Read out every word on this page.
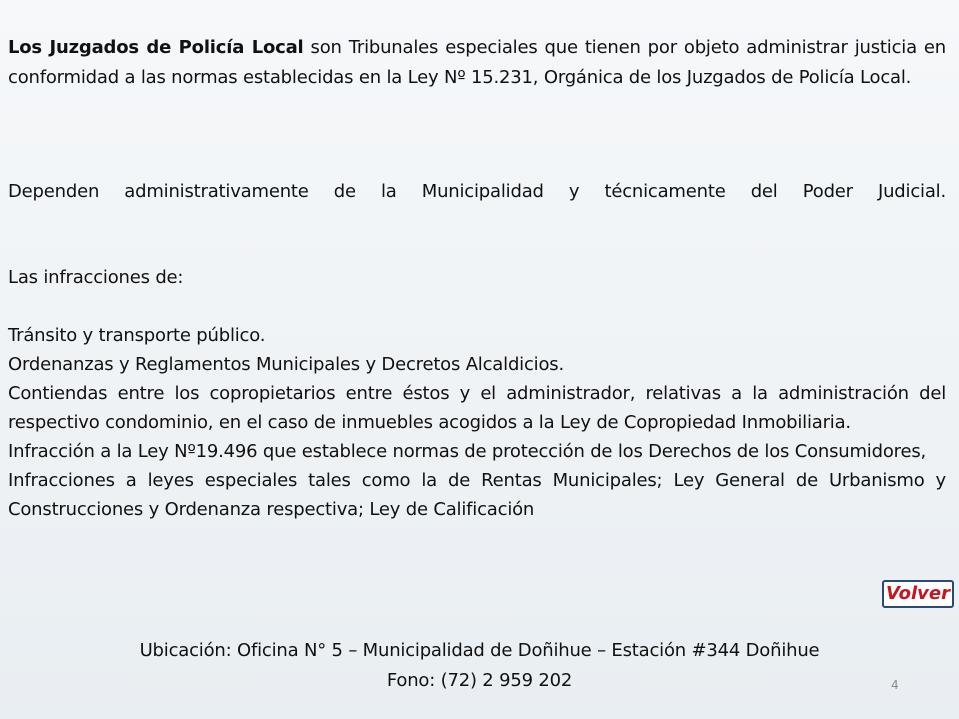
Los Juzgados de Policía Local son Tribunales especiales que tienen por objeto administrar justicia en conformidad a las normas establecidas en la Ley Nº 15.231, Orgánica de los Juzgados de Policía Local.

Dependen administrativamente de la Municipalidad y técnicamente del Poder Judicial.

Las infracciones de:

Tránsito y transporte público.
Ordenanzas y Reglamentos Municipales y Decretos Alcaldicios.
Contiendas entre los copropietarios entre éstos y el administrador, relativas a la administración del respectivo condominio, en el caso de inmuebles acogidos a la Ley de Copropiedad Inmobiliaria.
Infracción a la Ley Nº19.496 que establece normas de protección de los Derechos de los Consumidores,
Infracciones a leyes especiales tales como la de Rentas Municipales; Ley General de Urbanismo y Construcciones y Ordenanza respectiva; Ley de Calificación
Volver
Ubicación: Oficina N° 5 – Municipalidad de Doñihue – Estación #344 Doñihue
Fono: (72) 2 959 202	4
